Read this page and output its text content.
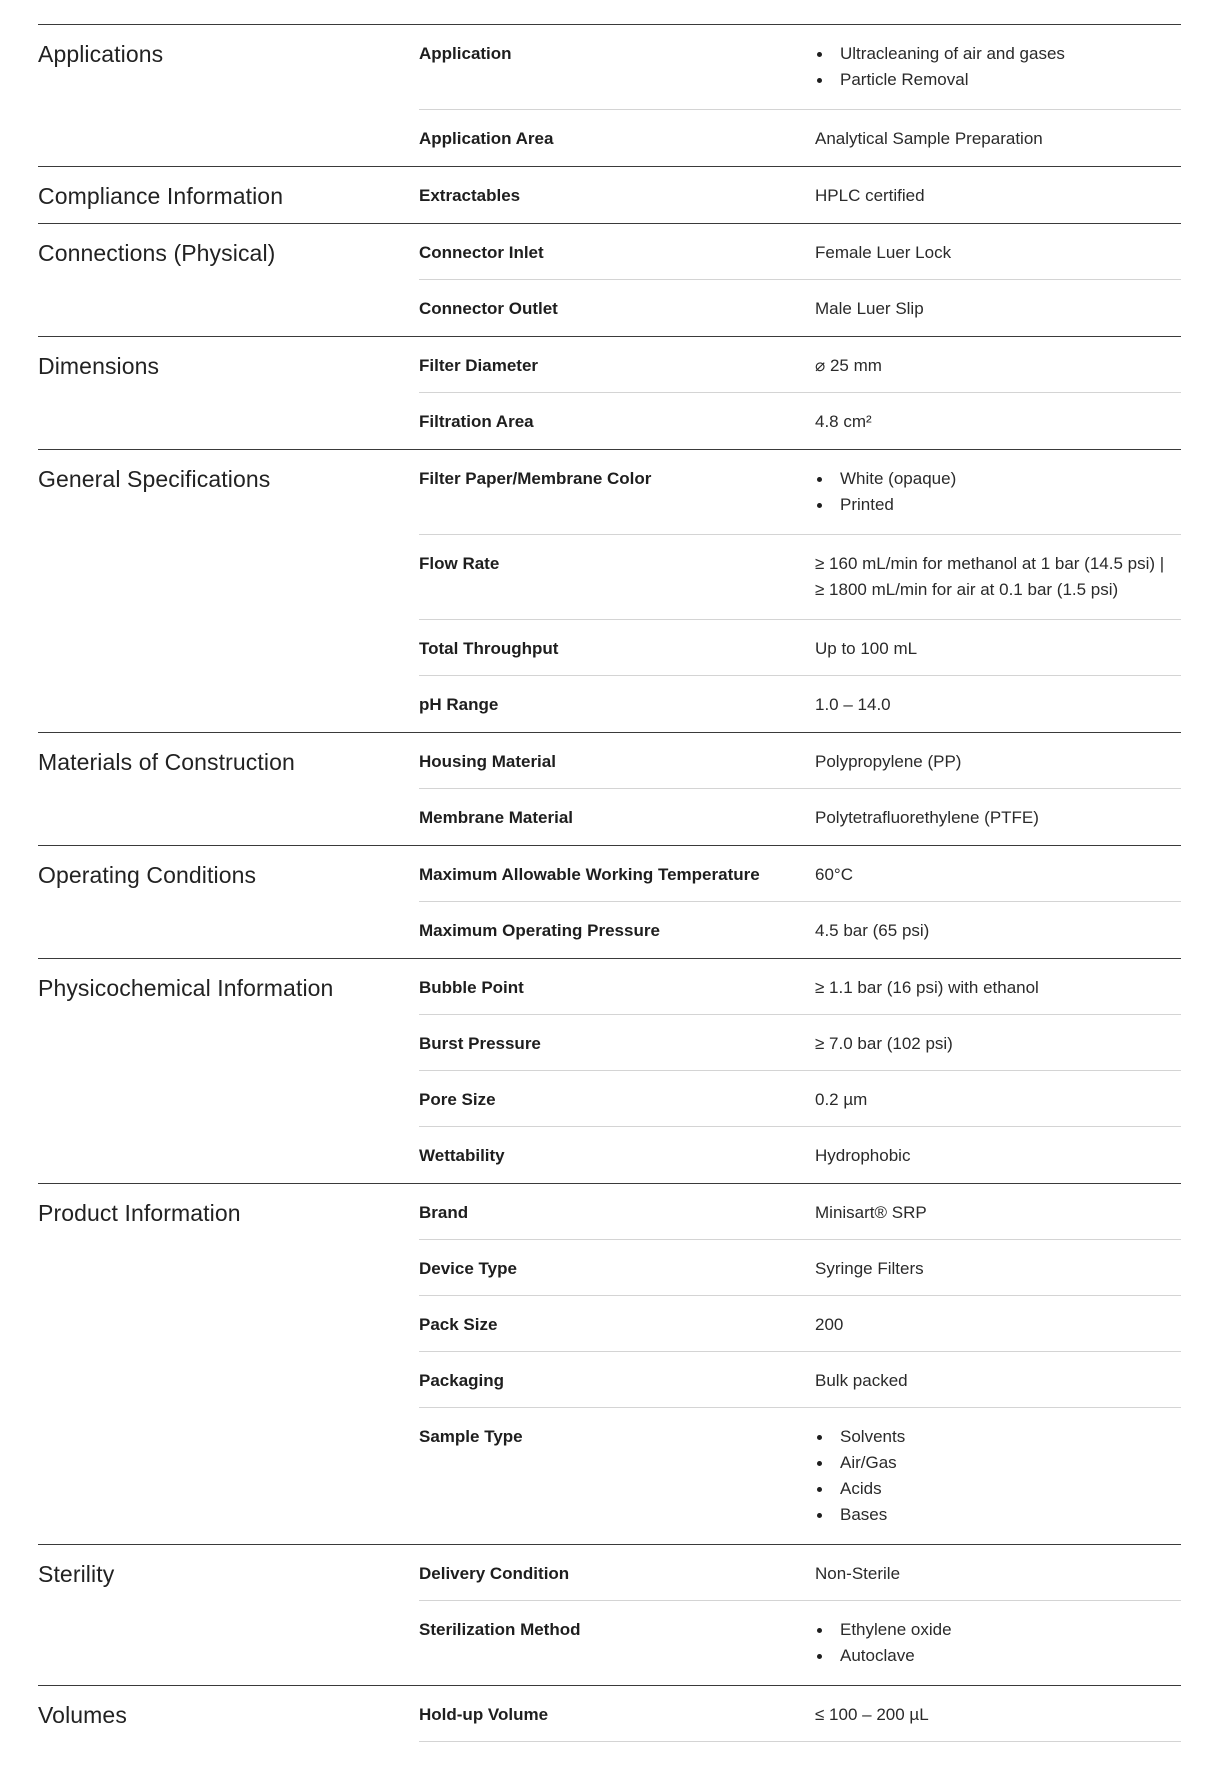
Applications	Application	Ultracleaning of air and gases
Particle Removal
Application Area	Analytical Sample Preparation
Compliance Information	Extractables	HPLC certified
Connections (Physical)	Connector Inlet	Female Luer Lock
Connector Outlet	Male Luer Slip
Dimensions	Filter Diameter	⌀ 25 mm
Filtration Area	4.8 cm²
General Specifications	Filter Paper/Membrane Color	White (opaque)
Printed
Flow Rate	≥ 160 mL/min for methanol at 1 bar (14.5 psi) |
≥ 1800 mL/min for air at 0.1 bar (1.5 psi)
Total Throughput	Up to 100 mL
pH Range	1.0 – 14.0
Materials of Construction	Housing Material	Polypropylene (PP)
Membrane Material	Polytetrafluorethylene (PTFE)
Operating Conditions	Maximum Allowable Working Temperature	60°C
Maximum Operating Pressure	4.5 bar (65 psi)
Physicochemical Information	Bubble Point	≥ 1.1 bar (16 psi) with ethanol
Burst Pressure	≥ 7.0 bar (102 psi)
Pore Size	0.2 µm
Wettability	Hydrophobic
Product Information	Brand	Minisart® SRP
Device Type	Syringe Filters
Pack Size	200
Packaging	Bulk packed
Sample Type	Solvents
Air/Gas
Acids
Bases
Sterility	Delivery Condition	Non-Sterile
Sterilization Method	Ethylene oxide
Autoclave
Volumes	Hold-up Volume	≤ 100 – 200 µL
